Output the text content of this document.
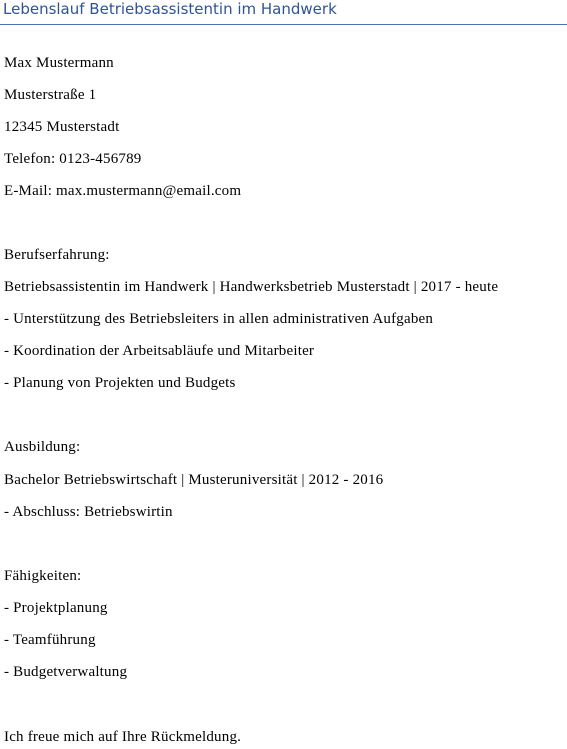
Lebenslauf Betriebsassistentin im Handwerk

Max Mustermann

Musterstraße 1

12345 Musterstadt

Telefon: 0123-456789

E-Mail: max.mustermann@email.com

Berufserfahrung:

Betriebsassistentin im Handwerk | Handwerksbetrieb Musterstadt | 2017 - heute

- Unterstützung des Betriebsleiters in allen administrativen Aufgaben

- Koordination der Arbeitsabläufe und Mitarbeiter

- Planung von Projekten und Budgets

Ausbildung:

Bachelor Betriebswirtschaft | Musteruniversität | 2012 - 2016

- Abschluss: Betriebswirtin

Fähigkeiten:

- Projektplanung

- Teamführung

- Budgetverwaltung

Ich freue mich auf Ihre Rückmeldung.
